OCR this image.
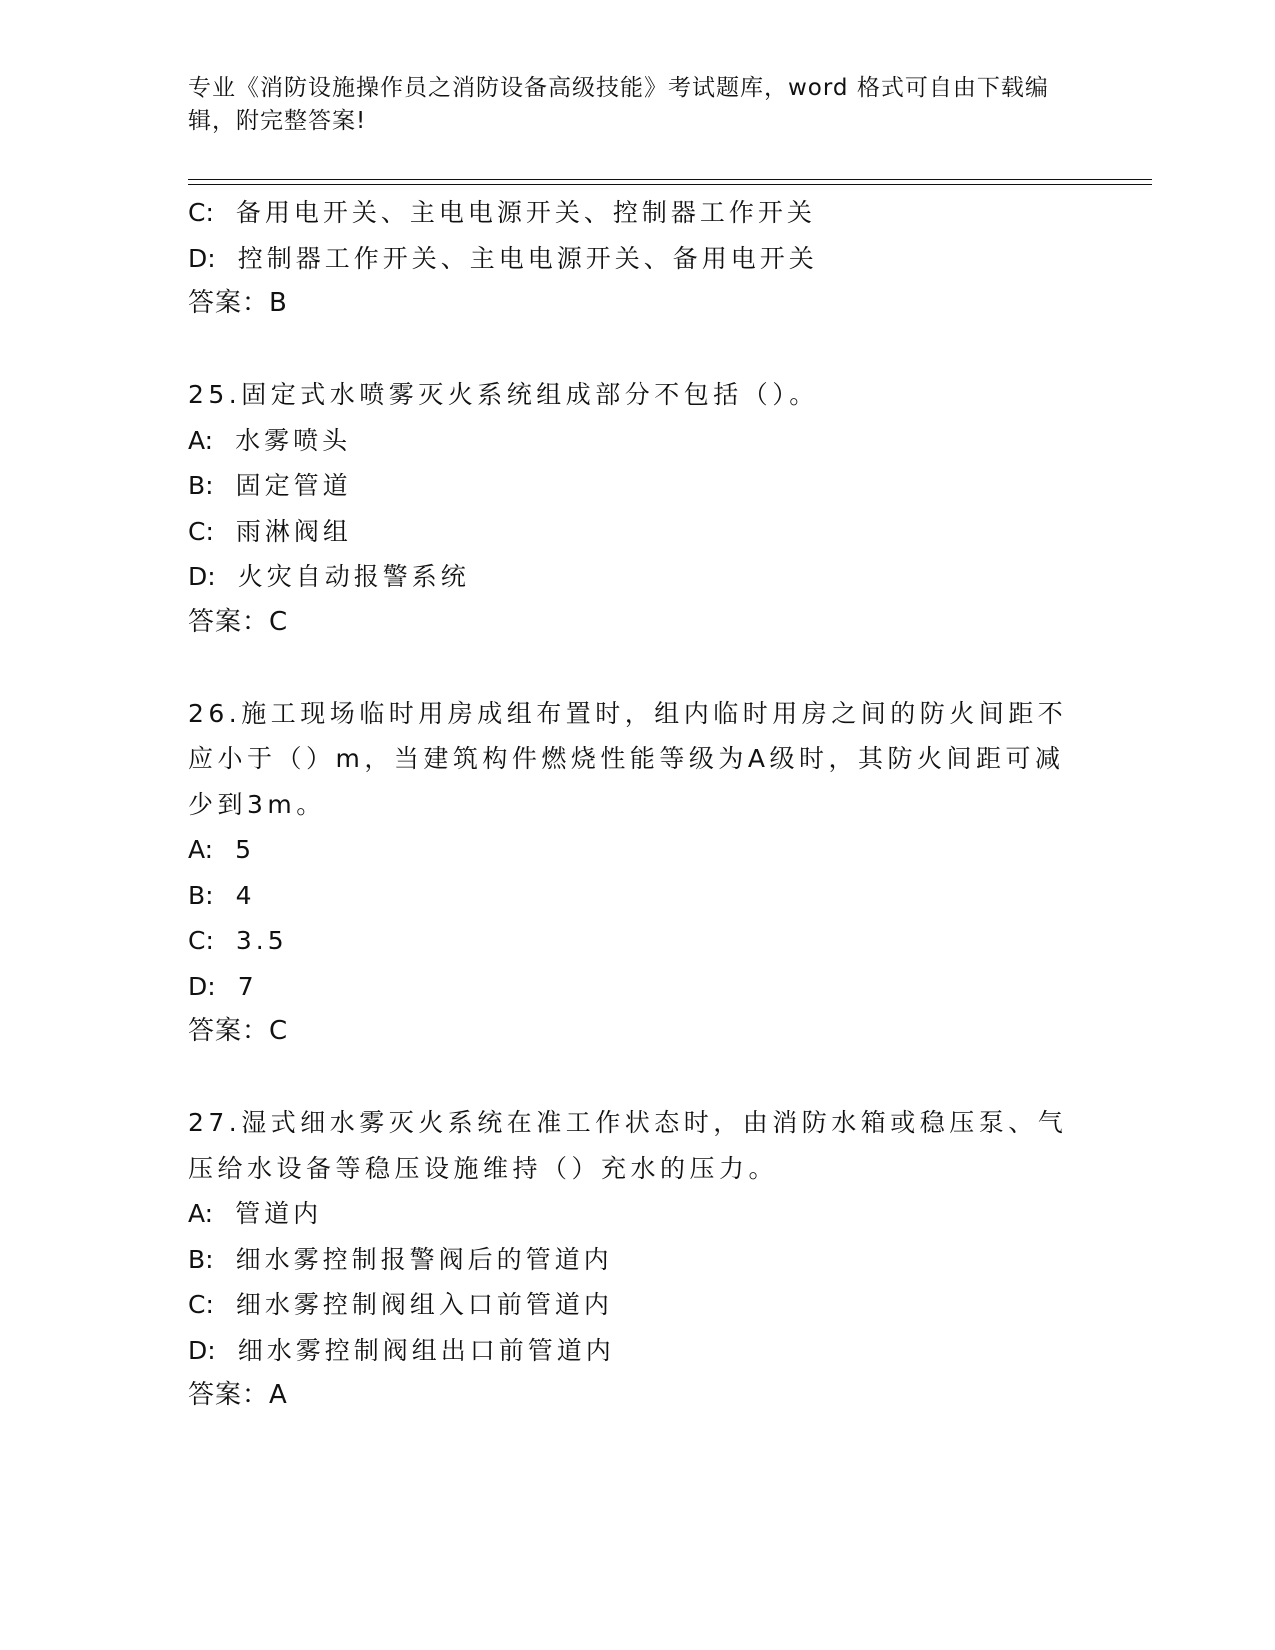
专业《消防设施操作员之消防设备高级技能》考试题库，word 格式可自由下载编辑，附完整答案!
C: 备用电开关、主电电源开关、控制器工作开关
D: 控制器工作开关、主电电源开关、备用电开关
答案：B
25.固定式水喷雾灭火系统组成部分不包括（）。
A: 水雾喷头
B: 固定管道
C: 雨淋阀组
D: 火灾自动报警系统
答案：C
26.施工现场临时用房成组布置时，组内临时用房之间的防火间距不应小于（）m，当建筑构件燃烧性能等级为A级时，其防火间距可减少到3m。
A: 5
B: 4
C: 3.5
D: 7
答案：C
27.湿式细水雾灭火系统在准工作状态时，由消防水箱或稳压泵、气压给水设备等稳压设施维持（）充水的压力。
A: 管道内
B: 细水雾控制报警阀后的管道内
C: 细水雾控制阀组入口前管道内
D: 细水雾控制阀组出口前管道内
答案：A
